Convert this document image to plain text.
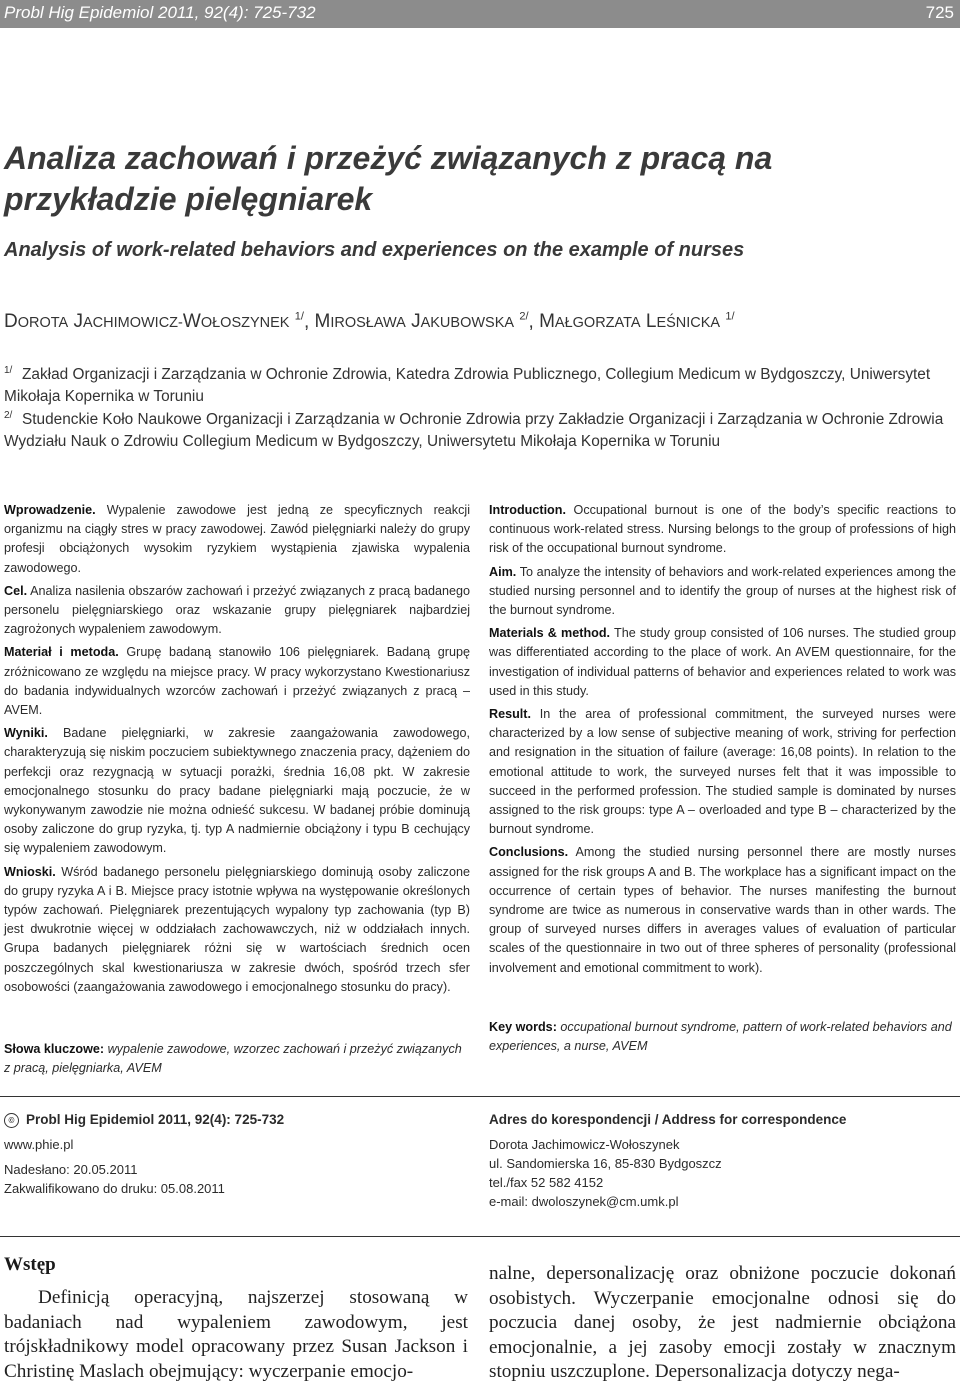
Probl Hig Epidemiol 2011, 92(4): 725-732	725
Analiza zachowań i przeżyć związanych z pracą na przykładzie pielęgniarek
Analysis of work-related behaviors and experiences on the example of nurses
DOROTA JACHIMOWICZ-WOŁOSZYNEK $^{1/}$, MIROSŁAWA JAKUBOWSKA $^{2/}$, MAŁGORZATA LEŚNICKA $^{1/}$
1/ Zakład Organizacji i Zarządzania w Ochronie Zdrowia, Katedra Zdrowia Publicznego, Collegium Medicum w Bydgoszczy, Uniwersytet Mikołaja Kopernika w Toruniu
2/ Studenckie Koło Naukowe Organizacji i Zarządzania w Ochronie Zdrowia przy Zakładzie Organizacji i Zarządzania w Ochronie Zdrowia Wydziału Nauk o Zdrowiu Collegium Medicum w Bydgoszczy, Uniwersytetu Mikołaja Kopernika w Toruniu

Wprowadzenie. Wypalenie zawodowe jest jedną ze specyficznych reakcji organizmu na ciągły stres w pracy zawodowej. Zawód pielęgniarki należy do grupy profesji obciążonych wysokim ryzykiem wystąpienia zjawiska wypalenia zawodowego.

Cel. Analiza nasilenia obszarów zachowań i przeżyć związanych z pracą badanego personelu pielęgniarskiego oraz wskazanie grupy pielęgniarek najbardziej zagrożonych wypaleniem zawodowym.

Materiał i metoda. Grupę badaną stanowiło 106 pielęgniarek. Badaną grupę zróżnicowano ze względu na miejsce pracy. W pracy wykorzystano Kwestionariusz do badania indywidualnych wzorców zachowań i przeżyć związanych z pracą – AVEM.

Wyniki. Badane pielęgniarki, w zakresie zaangażowania zawodowego, charakteryzują się niskim poczuciem subiektywnego znaczenia pracy, dążeniem do perfekcji oraz rezygnacją w sytuacji porażki, średnia 16,08 pkt. W zakresie emocjonalnego stosunku do pracy badane pielęgniarki mają poczucie, że w wykonywanym zawodzie nie można odnieść sukcesu. W badanej próbie dominują osoby zaliczone do grup ryzyka, tj. typ A nadmiernie obciążony i typu B cechujący się wypaleniem zawodowym.

Wnioski. Wśród badanego personelu pielęgniarskiego dominują osoby zaliczone do grupy ryzyka A i B. Miejsce pracy istotnie wpływa na występowanie określonych typów zachowań. Pielęgniarek prezentujących wypalony typ zachowania (typ B) jest dwukrotnie więcej w oddziałach zachowawczych, niż w oddziałach innych. Grupa badanych pielęgniarek różni się w wartościach średnich ocen poszczególnych skal kwestionariusza w zakresie dwóch, spośród trzech sfer osobowości (zaangażowania zawodowego i emocjonalnego stosunku do pracy).

Słowa kluczowe: wypalenie zawodowe, wzorzec zachowań i przeżyć związanych z pracą, pielęgniarka, AVEM

Introduction. Occupational burnout is one of the body’s specific reactions to continuous work-related stress. Nursing belongs to the group of professions of high risk of the occupational burnout syndrome.

Aim. To analyze the intensity of behaviors and work-related experiences among the studied nursing personnel and to identify the group of nurses at the highest risk of the burnout syndrome.

Materials & method. The study group consisted of 106 nurses. The studied group was differentiated according to the place of work. An AVEM questionnaire, for the investigation of individual patterns of behavior and experiences related to work was used in this study.

Result. In the area of professional commitment, the surveyed nurses were characterized by a low sense of subjective meaning of work, striving for perfection and resignation in the situation of failure (average: 16,08 points). In relation to the emotional attitude to work, the surveyed nurses felt that it was impossible to succeed in the performed profession. The studied sample is dominated by nurses assigned to the risk groups: type A – overloaded and type B – characterized by the burnout syndrome.

Conclusions. Among the studied nursing personnel there are mostly nurses assigned for the risk groups A and B. The workplace has a significant impact on the occurrence of certain types of behavior. The nurses manifesting the burnout syndrome are twice as numerous in conservative wards than in other wards. The group of surveyed nurses differs in averages values of evaluation of particular scales of the questionnaire in two out of three spheres of personality (professional involvement and emotional commitment to work).

Key words: occupational burnout syndrome, pattern of work-related behaviors and experiences, a nurse, AVEM
© Probl Hig Epidemiol 2011, 92(4): 725-732
www.phie.pl
Nadesłano: 20.05.2011
Zakwalifikowano do druku: 05.08.2011
Adres do korespondencji / Address for correspondence
Dorota Jachimowicz-Wołoszynek
ul. Sandomierska 16, 85-830 Bydgoszcz
tel./fax 52 582 4152
e-mail: dwoloszynek@cm.umk.pl
Wstęp
Definicją operacyjną, najszerzej stosowaną w badaniach nad wypaleniem zawodowym, jest trójskładnikowy model opracowany przez Susan Jackson i Christinę Maslach obejmujący: wyczerpanie emocjo-
nalne, depersonalizację oraz obniżone poczucie dokonań osobistych. Wyczerpanie emocjonalne odnosi się do poczucia danej osoby, że jest nadmiernie obciążona emocjonalnie, a jej zasoby emocji zostały w znacznym stopniu uszczuplone. Depersonalizacja dotyczy nega-
